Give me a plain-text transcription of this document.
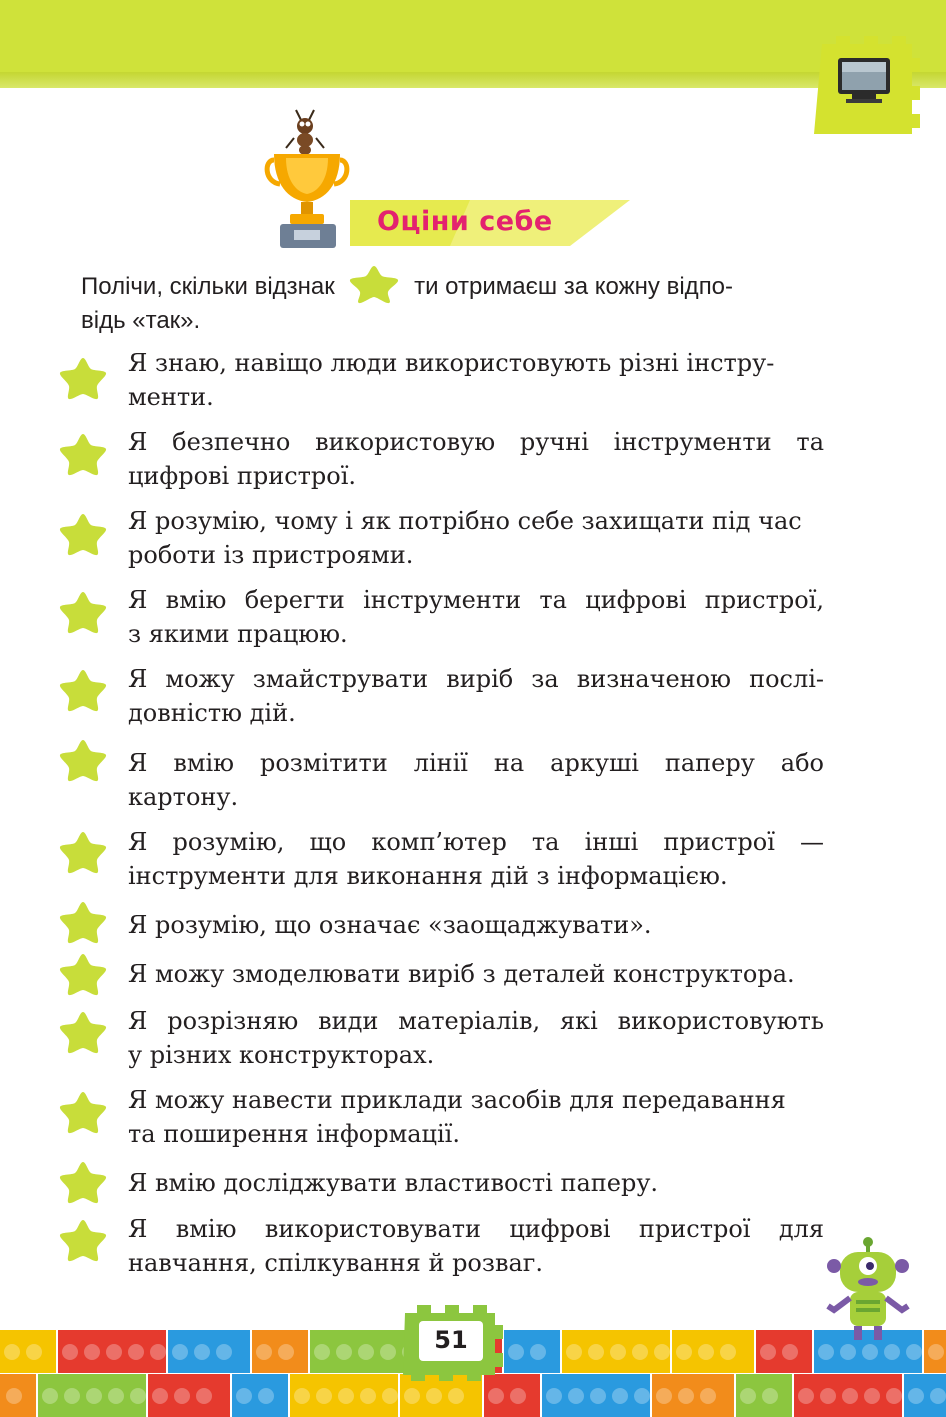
Оціни себе
Полічи, скільки відзнак	ти отримаєш за кожну відпо-
відь «так».
Я знаю, навіщо люди використовують різні інстру-
менти.
Я безпечно використовую ручні інструменти та
цифрові пристрої.
Я розумію, чому і як потрібно себе захищати під час
роботи із пристроями.
Я вмію берегти інструменти та цифрові пристрої,
з якими працюю.
Я можу змайструвати виріб за визначеною послі-
довністю дій.
Я вмію розмітити лінії на аркуші паперу або
картону.
Я розумію, що комп’ютер та інші пристрої —
інструменти для виконання дій з інформацією.
Я розумію, що означає «заощаджувати».
Я можу змоделювати виріб з деталей конструктора.
Я розрізняю види матеріалів, які використовують
у різних конструкторах.
Я можу навести приклади засобів для передавання
та поширення інформації.
Я вмію досліджувати властивості паперу.
Я вмію використовувати цифрові пристрої для
навчання, спілкування й розваг.
51
